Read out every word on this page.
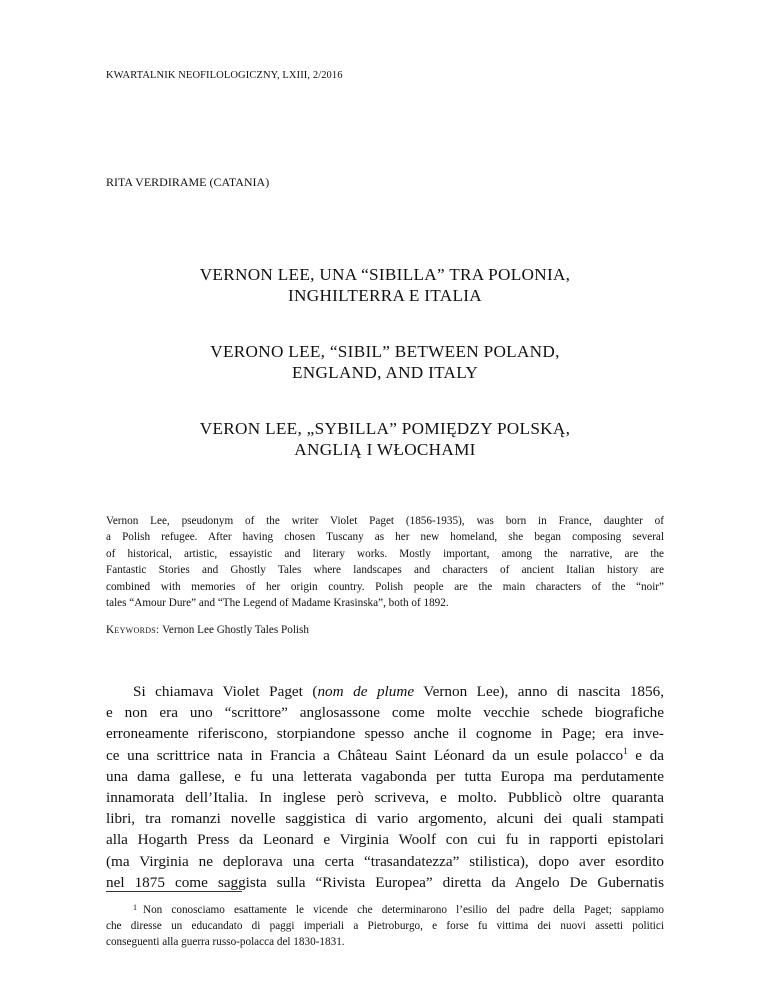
KWARTALNIK NEOFILOLOGICZNY, LXIII, 2/2016
RITA VERDIRAME (CATANIA)
VERNON LEE, UNA “SIBILLA” TRA POLONIA,
INGHILTERRA E ITALIA
VERONO LEE, “SIBIL” BETWEEN POLAND,
ENGLAND, AND ITALY
VERON LEE, „SYBILLA” POMIĘDZY POLSKĄ,
ANGLIĄ I WŁOCHAMI
Vernon Lee, pseudonym of the writer Violet Paget (1856-1935), was born in France, daughter of
a Polish refugee. After having chosen Tuscany as her new homeland, she began composing several
of historical, artistic, essayistic and literary works. Mostly important, among the narrative, are the
Fantastic Stories and Ghostly Tales where landscapes and characters of ancient Italian history are
combined with memories of her origin country. Polish people are the main characters of the “noir”
tales “Amour Dure” and “The Legend of Madame Krasinska”, both of 1892.
Keywords: Vernon Lee Ghostly Tales Polish
Si chiamava Violet Paget (nom de plume Vernon Lee), anno di nascita 1856,
e non era uno “scrittore” anglosassone come molte vecchie schede biografiche
erroneamente riferiscono, storpiandone spesso anche il cognome in Page; era inve-
ce una scrittrice nata in Francia a Château Saint Léonard da un esule polacco$^1$ e da
una dama gallese, e fu una letterata vagabonda per tutta Europa ma perdutamente
innamorata dell’Italia. In inglese però scriveva, e molto. Pubblicò oltre quaranta
libri, tra romanzi novelle saggistica di vario argomento, alcuni dei quali stampati
alla Hogarth Press da Leonard e Virginia Woolf con cui fu in rapporti epistolari
(ma Virginia ne deplorava una certa “trasandatezza” stilistica), dopo aver esordito
nel 1875 come saggista sulla “Rivista Europea” diretta da Angelo De Gubernatis
$^1$ Non conosciamo esattamente le vicende che determinarono l’esilio del padre della Paget; sappiamo
che diresse un educandato di paggi imperiali a Pietroburgo, e forse fu vittima dei nuovi assetti politici
conseguenti alla guerra russo-polacca del 1830-1831.
